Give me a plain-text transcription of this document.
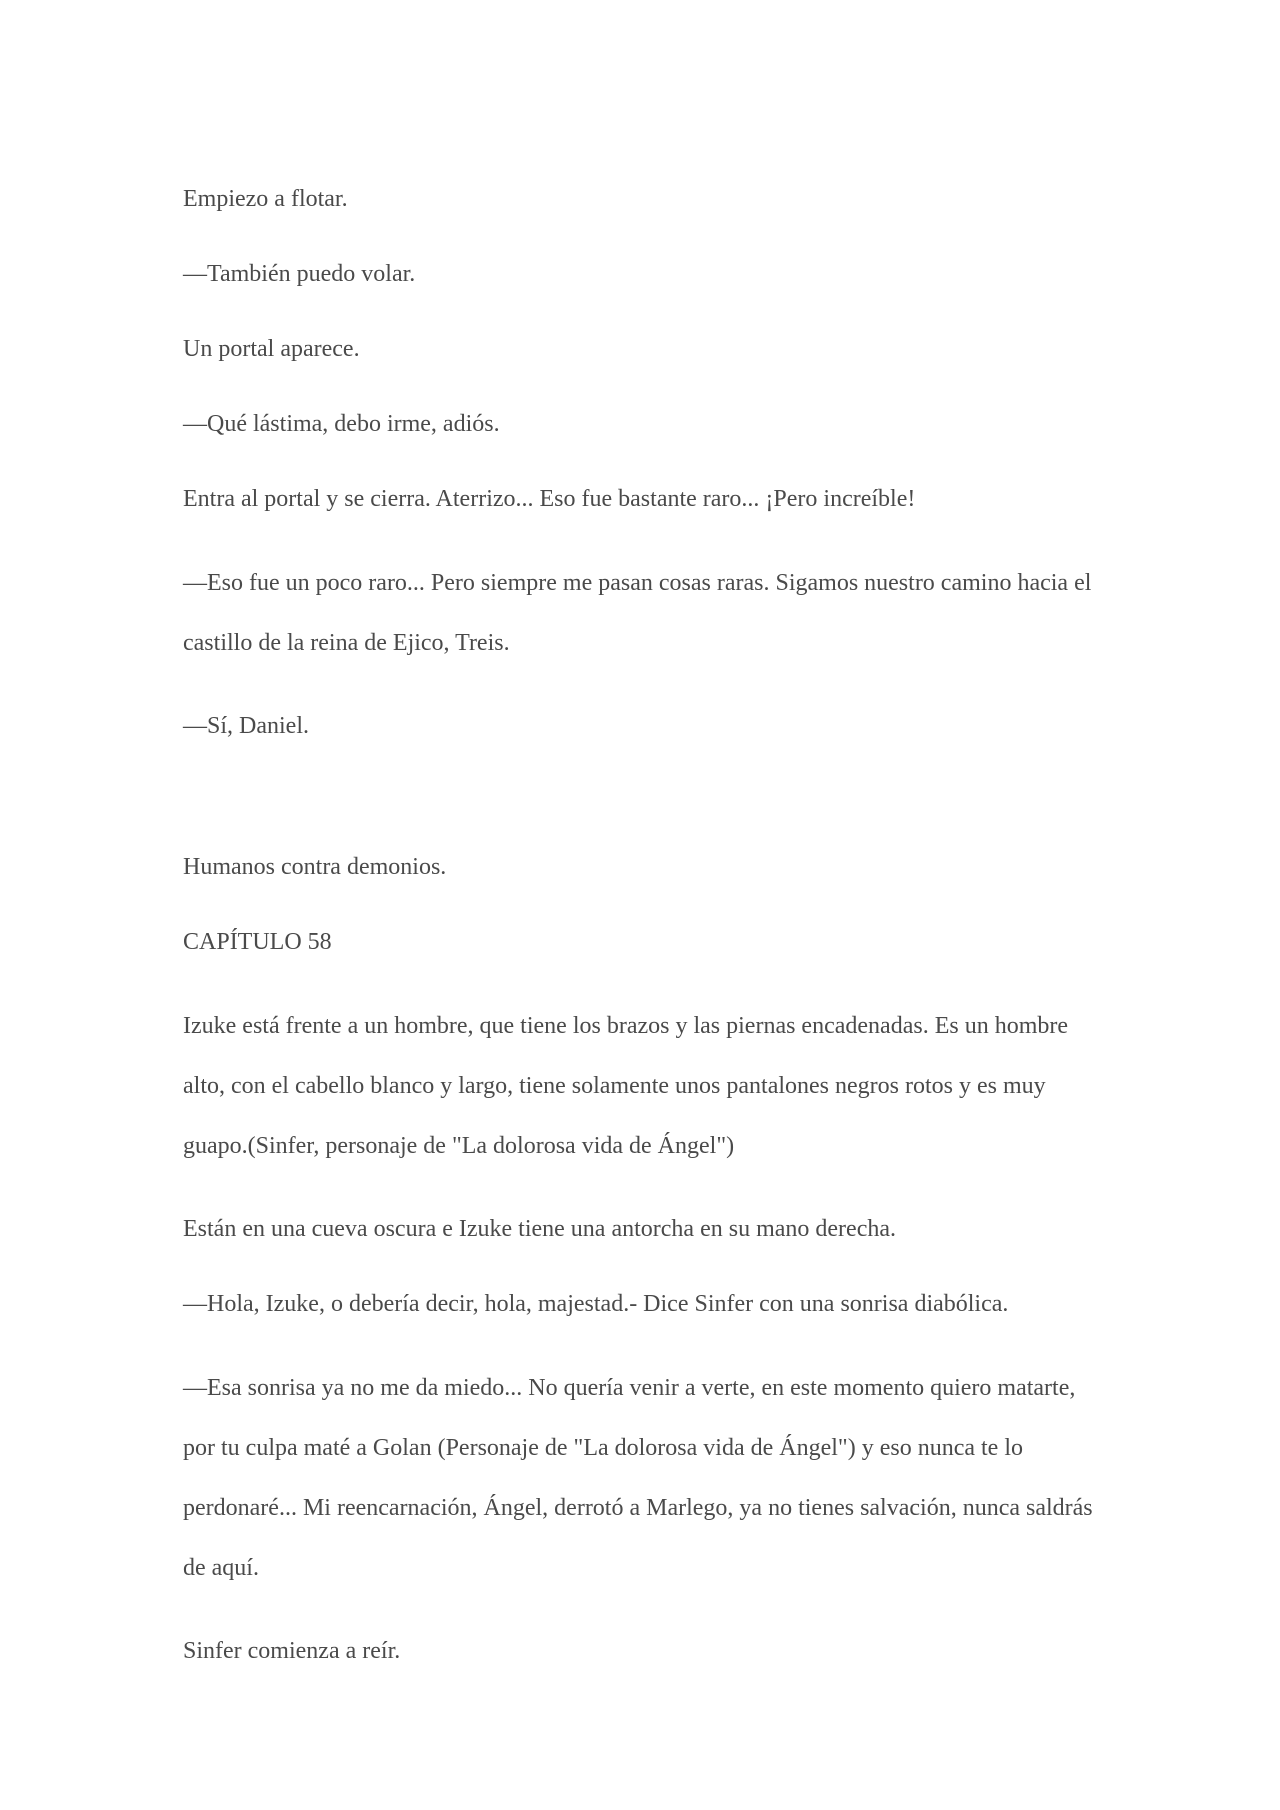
Empiezo a flotar.

—También puedo volar.

Un portal aparece.

—Qué lástima, debo irme, adiós.

Entra al portal y se cierra. Aterrizo... Eso fue bastante raro... ¡Pero increíble!

—Eso fue un poco raro... Pero siempre me pasan cosas raras. Sigamos nuestro camino hacia el castillo de la reina de Ejico, Treis.

—Sí, Daniel.

Humanos contra demonios.

CAPÍTULO 58

Izuke está frente a un hombre, que tiene los brazos y las piernas encadenadas. Es un hombre alto, con el cabello blanco y largo, tiene solamente unos pantalones negros rotos y es muy guapo.(Sinfer, personaje de "La dolorosa vida de Ángel")

Están en una cueva oscura e Izuke tiene una antorcha en su mano derecha.

—Hola, Izuke, o debería decir, hola, majestad.- Dice Sinfer con una sonrisa diabólica.

—Esa sonrisa ya no me da miedo... No quería venir a verte, en este momento quiero matarte, por tu culpa maté a Golan (Personaje de "La dolorosa vida de Ángel") y eso nunca te lo perdonaré... Mi reencarnación, Ángel, derrotó a Marlego, ya no tienes salvación, nunca saldrás de aquí.

Sinfer comienza a reír.
